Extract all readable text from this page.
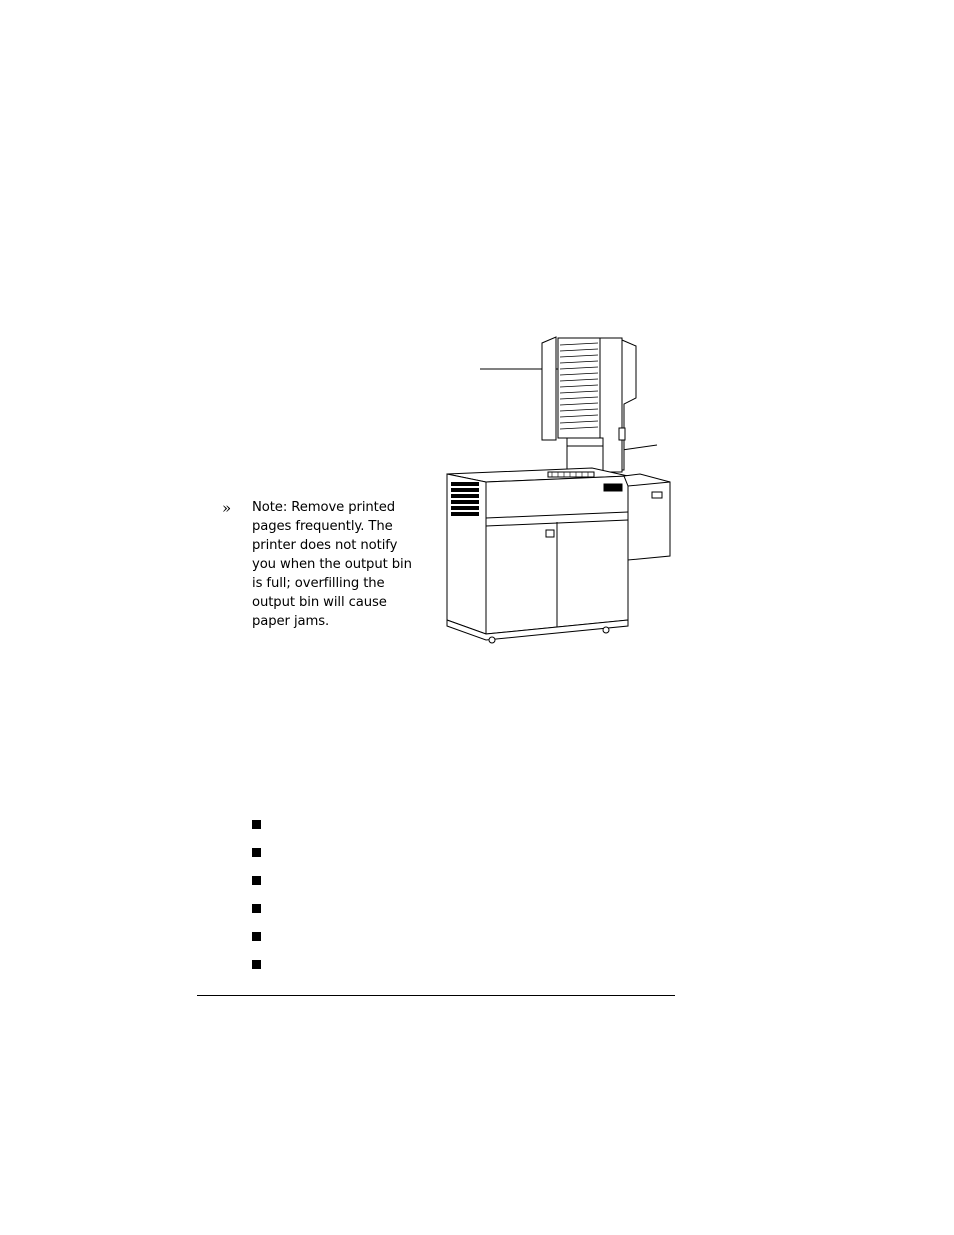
» Note: Remove printed
pages frequently. The
printer does not notify
you when the output bin
is full; overfilling the
output bin will cause
paper jams.
